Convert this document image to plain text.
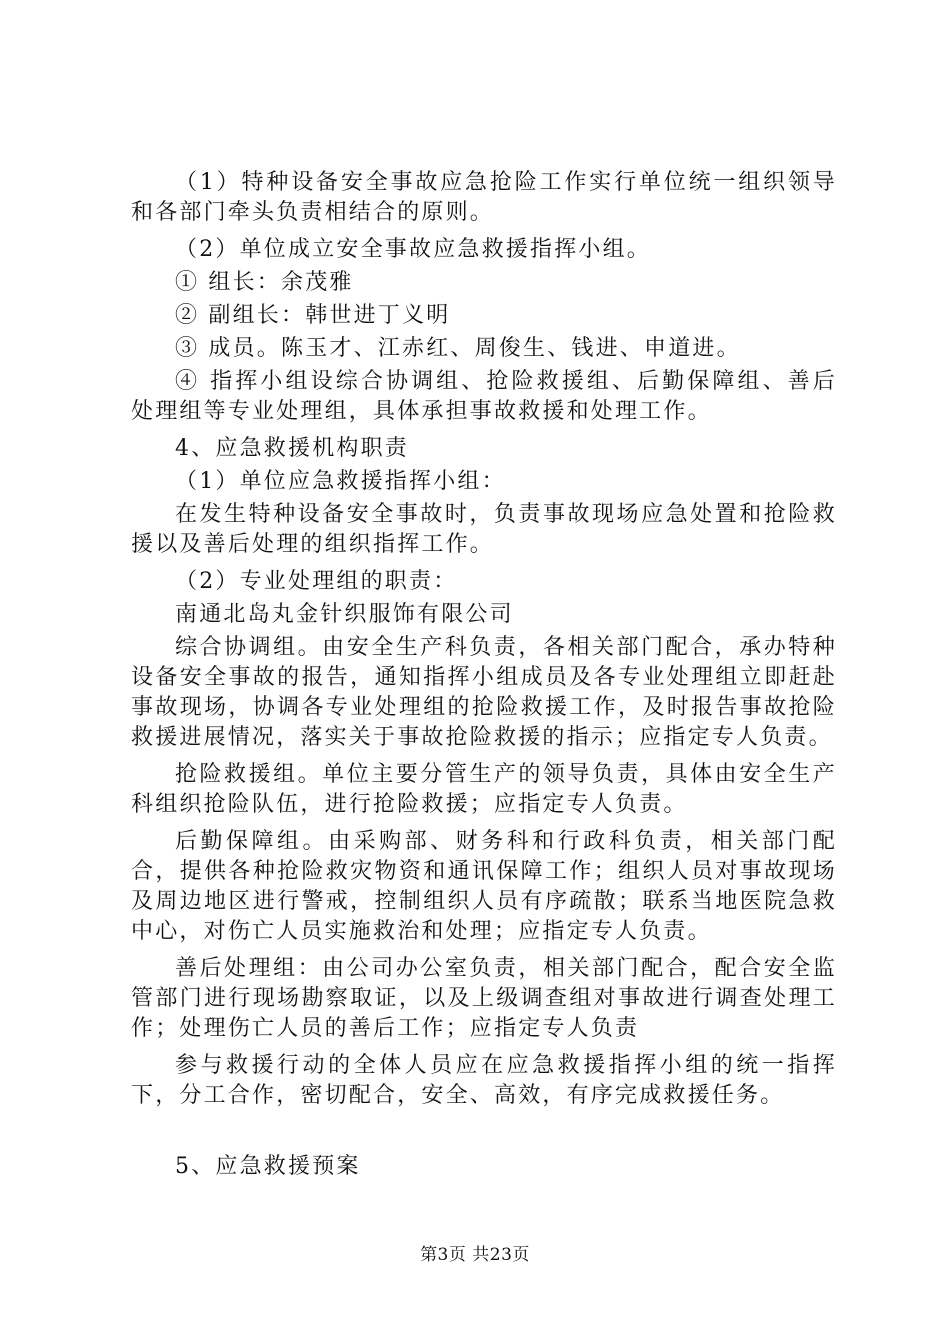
（1）特种设备安全事故应急抢险工作实行单位统一组织领导和各部门牵头负责相结合的原则。

（2）单位成立安全事故应急救援指挥小组。

① 组长：余茂雅

② 副组长：韩世进丁义明

③ 成员。陈玉才、江赤红、周俊生、钱进、申道进。

④ 指挥小组设综合协调组、抢险救援组、后勤保障组、善后处理组等专业处理组，具体承担事故救援和处理工作。

4、应急救援机构职责

（1）单位应急救援指挥小组：

在发生特种设备安全事故时，负责事故现场应急处置和抢险救援以及善后处理的组织指挥工作。

（2）专业处理组的职责：

南通北岛丸金针织服饰有限公司

综合协调组。由安全生产科负责，各相关部门配合，承办特种设备安全事故的报告，通知指挥小组成员及各专业处理组立即赶赴事故现场，协调各专业处理组的抢险救援工作，及时报告事故抢险救援进展情况，落实关于事故抢险救援的指示；应指定专人负责。

抢险救援组。单位主要分管生产的领导负责，具体由安全生产科组织抢险队伍，进行抢险救援；应指定专人负责。

后勤保障组。由采购部、财务科和行政科负责，相关部门配合，提供各种抢险救灾物资和通讯保障工作；组织人员对事故现场及周边地区进行警戒，控制组织人员有序疏散；联系当地医院急救中心，对伤亡人员实施救治和处理；应指定专人负责。

善后处理组：由公司办公室负责，相关部门配合，配合安全监管部门进行现场勘察取证，以及上级调查组对事故进行调查处理工作；处理伤亡人员的善后工作；应指定专人负责

参与救援行动的全体人员应在应急救援指挥小组的统一指挥下，分工合作，密切配合，安全、高效，有序完成救援任务。

5、应急救援预案

第3页 共23页
